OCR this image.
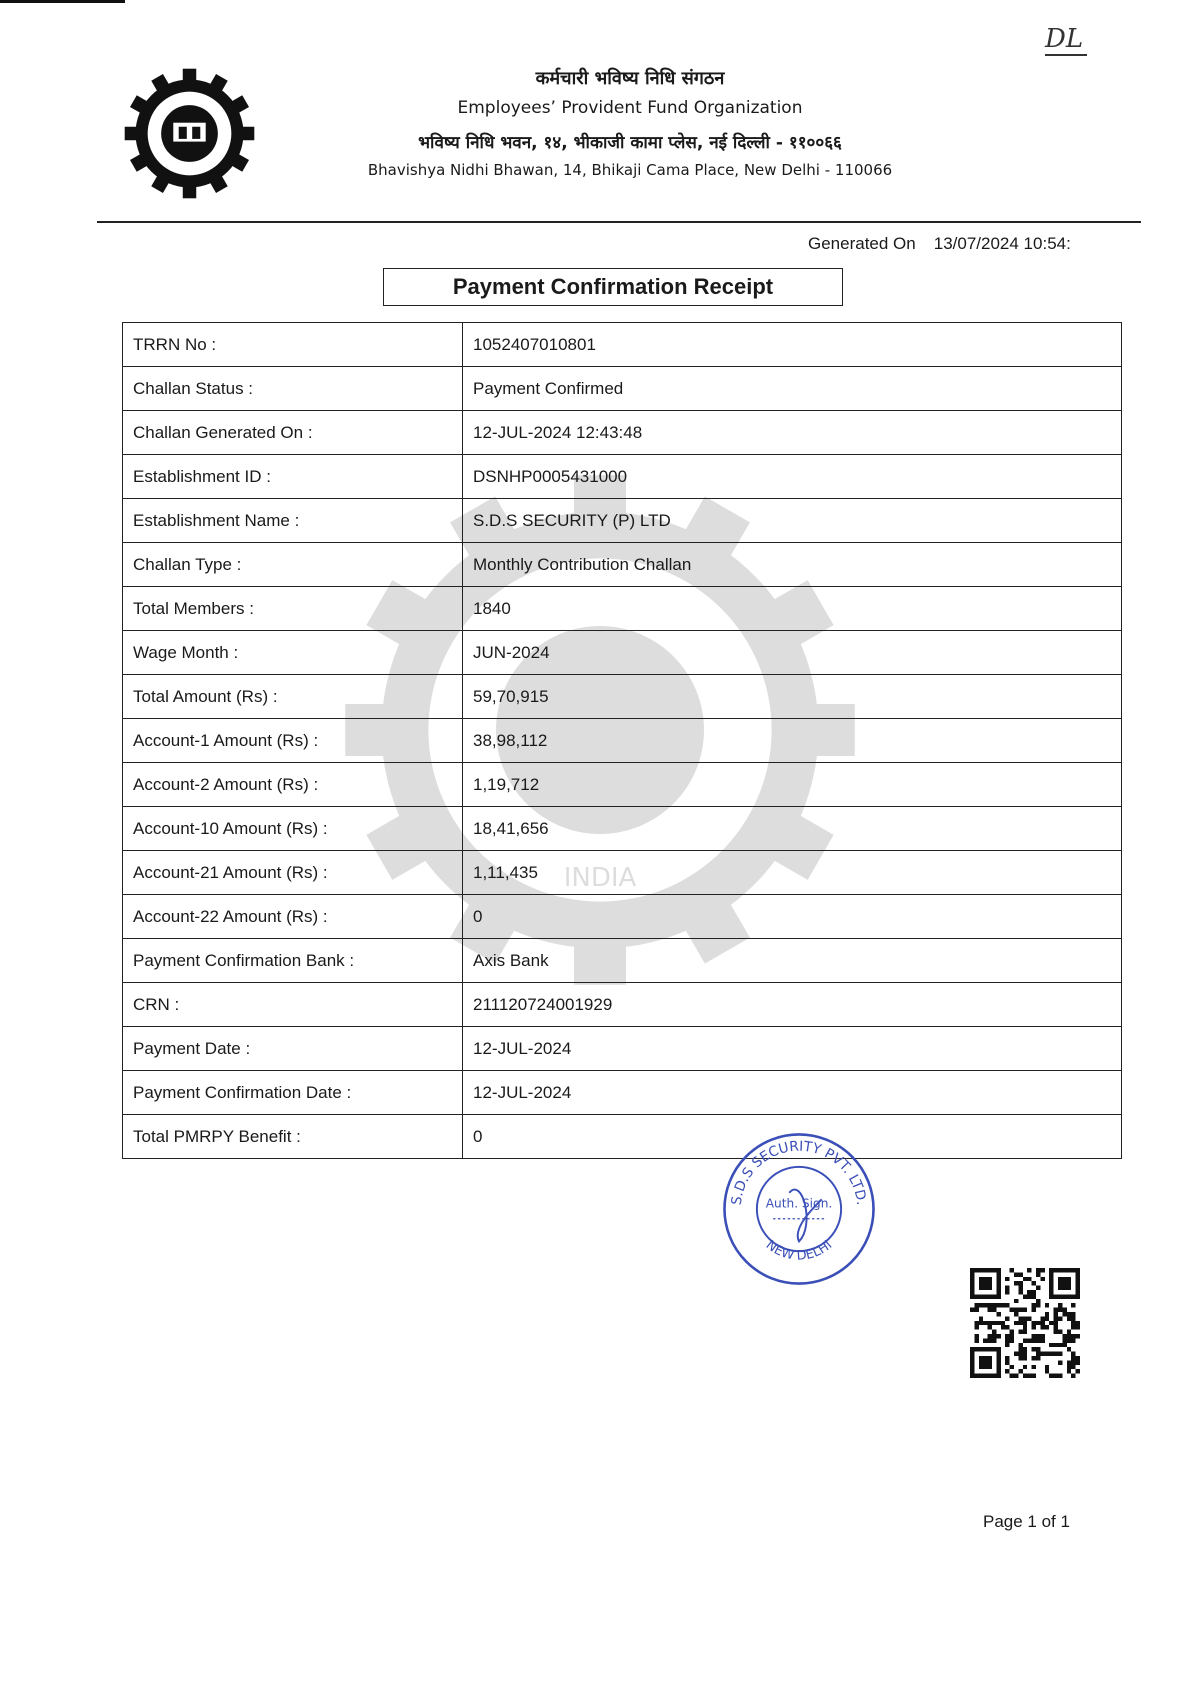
DL
कर्मचारी भविष्य निधि संगठन
Employees’ Provident Fund Organization
भविष्य निधि भवन, १४, भीकाजी कामा प्लेस, नई दिल्ली - ११००६६
Bhavishya Nidhi Bhawan, 14, Bhikaji Cama Place, New Delhi - 110066
Generated On 13/07/2024 10:54:
Payment Confirmation Receipt
INDIA
भारत
TRRN No :	1052407010801
Challan Status :	Payment Confirmed
Challan Generated On :	12-JUL-2024 12:43:48
Establishment ID :	DSNHP0005431000
Establishment Name :	S.D.S SECURITY (P) LTD
Challan Type :	Monthly Contribution Challan
Total Members :	1840
Wage Month :	JUN-2024
Total Amount (Rs) :	59,70,915
Account-1 Amount (Rs) :	38,98,112
Account-2 Amount (Rs) :	1,19,712
Account-10 Amount (Rs) :	18,41,656
Account-21 Amount (Rs) :	1,11,435
Account-22 Amount (Rs) :	0
Payment Confirmation Bank :	Axis Bank
CRN :	211120724001929
Payment Date :	12-JUL-2024
Payment Confirmation Date :	12-JUL-2024
Total PMRPY Benefit :	0
S.D.S SECURITY PVT. LTD.
Auth. Sign.
NEW DELHI
Page 1 of 1
